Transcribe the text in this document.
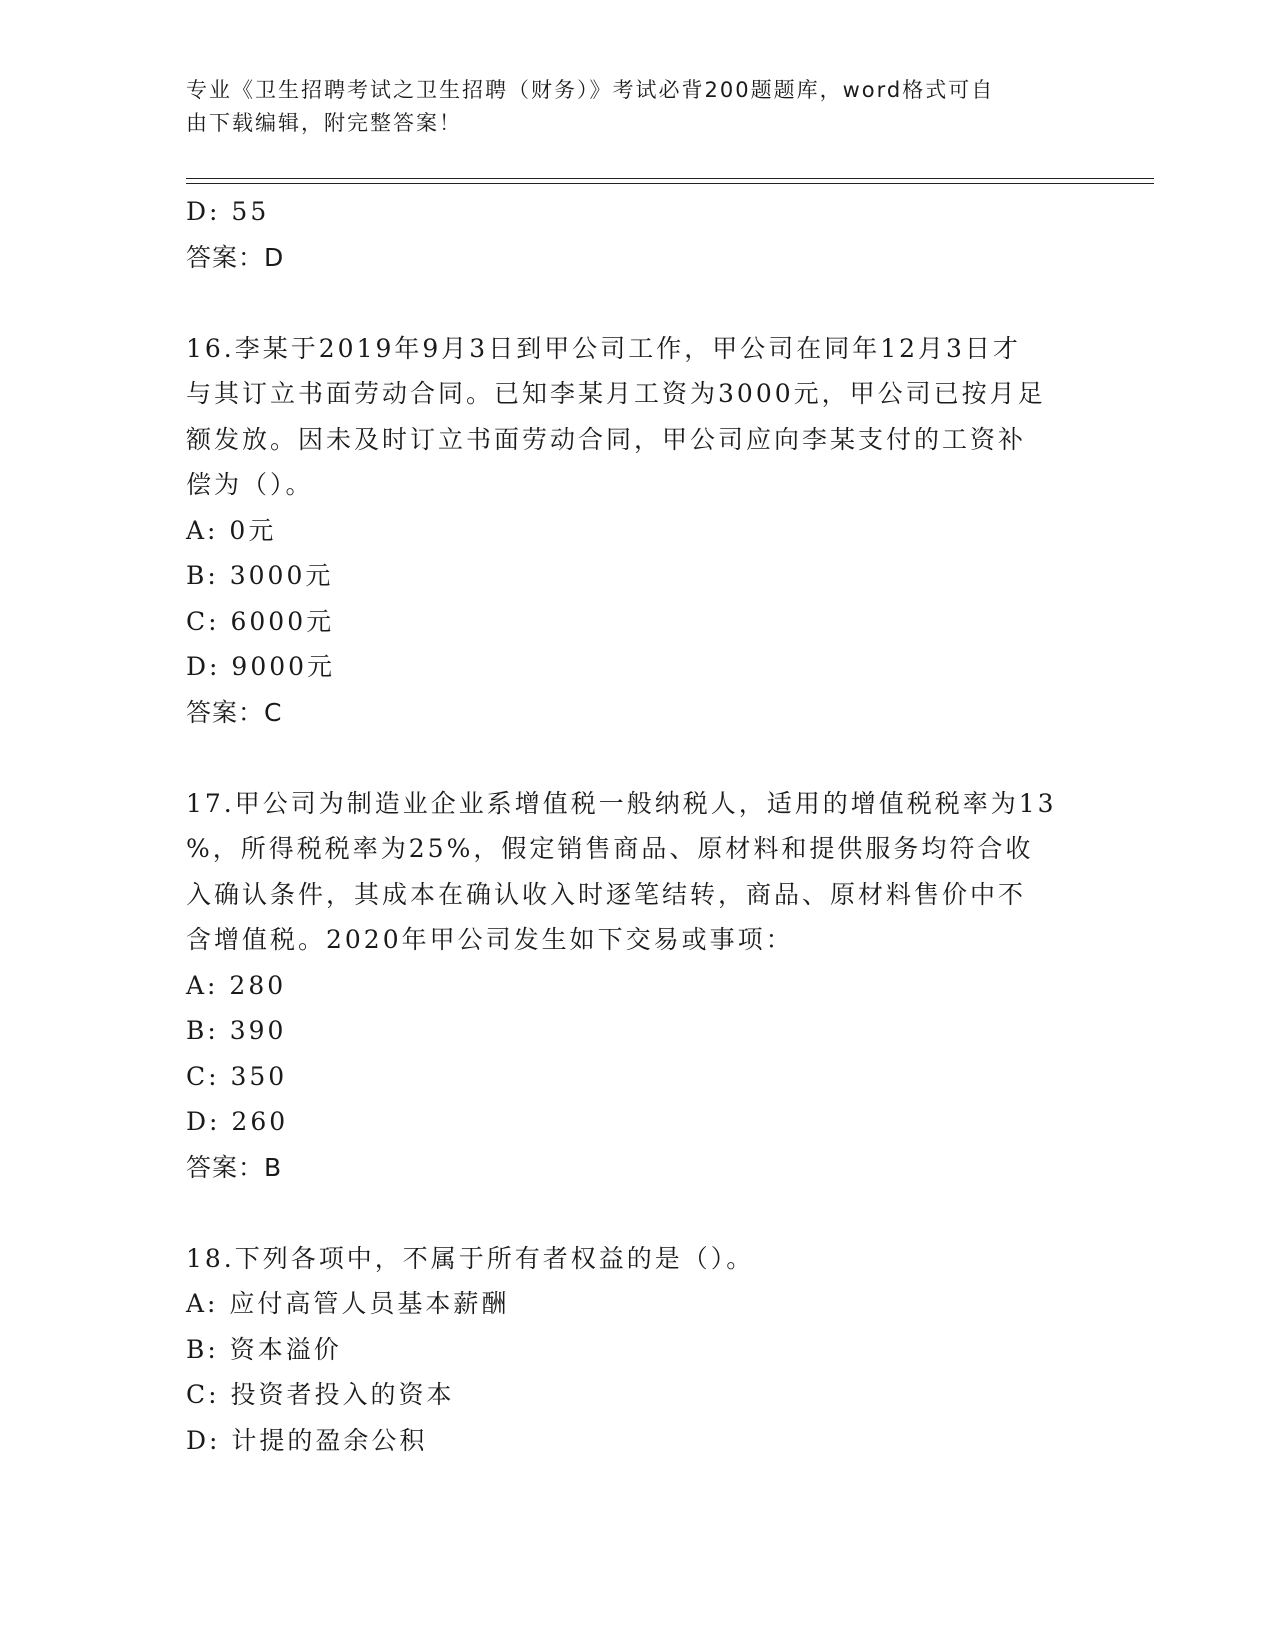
专业《卫生招聘考试之卫生招聘（财务）》考试必背200题题库，word格式可自
由下载编辑，附完整答案！
D: 55
答案：D
16.李某于2019年9月3日到甲公司工作，甲公司在同年12月3日才
与其订立书面劳动合同。已知李某月工资为3000元，甲公司已按月足
额发放。因未及时订立书面劳动合同，甲公司应向李某支付的工资补
偿为（）。
A: 0元
B: 3000元
C: 6000元
D: 9000元
答案：C
17.甲公司为制造业企业系增值税一般纳税人，适用的增值税税率为13
%，所得税税率为25%，假定销售商品、原材料和提供服务均符合收
入确认条件，其成本在确认收入时逐笔结转，商品、原材料售价中不
含增值税。2020年甲公司发生如下交易或事项：
A: 280
B: 390
C: 350
D: 260
答案：B
18.下列各项中，不属于所有者权益的是（）。
A: 应付高管人员基本薪酬
B: 资本溢价
C: 投资者投入的资本
D: 计提的盈余公积
